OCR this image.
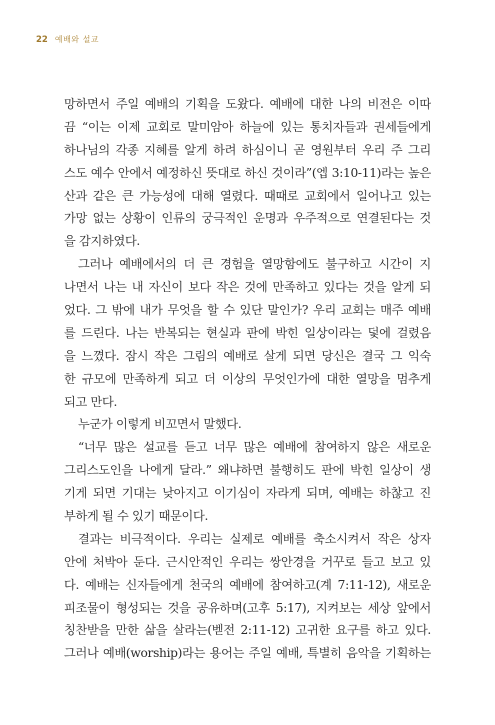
22 예배와 설교
망하면서 주일 예배의 기획을 도왔다. 예배에 대한 나의 비전은 이따
끔 “이는 이제 교회로 말미암아 하늘에 있는 통치자들과 권세들에게
하나님의 각종 지혜를 알게 하려 하심이니 곧 영원부터 우리 주 그리
스도 예수 안에서 예정하신 뜻대로 하신 것이라”(엡 3:10-11)라는 높은
산과 같은 큰 가능성에 대해 열렸다. 때때로 교회에서 일어나고 있는
가망 없는 상황이 인류의 궁극적인 운명과 우주적으로 연결된다는 것
을 감지하였다.
그러나 예배에서의 더 큰 경험을 열망함에도 불구하고 시간이 지
나면서 나는 내 자신이 보다 작은 것에 만족하고 있다는 것을 알게 되
었다. 그 밖에 내가 무엇을 할 수 있단 말인가? 우리 교회는 매주 예배
를 드린다. 나는 반복되는 현실과 판에 박힌 일상이라는 덫에 걸렸음
을 느꼈다. 잠시 작은 그림의 예배로 살게 되면 당신은 결국 그 익숙
한 규모에 만족하게 되고 더 이상의 무엇인가에 대한 열망을 멈추게
되고 만다.
누군가 이렇게 비꼬면서 말했다.
“너무 많은 설교를 듣고 너무 많은 예배에 참여하지 않은 새로운
그리스도인을 나에게 달라.” 왜냐하면 불행히도 판에 박힌 일상이 생
기게 되면 기대는 낮아지고 이기심이 자라게 되며, 예배는 하찮고 진
부하게 될 수 있기 때문이다.
결과는 비극적이다. 우리는 실제로 예배를 축소시켜서 작은 상자
안에 처박아 둔다. 근시안적인 우리는 쌍안경을 거꾸로 들고 보고 있
다. 예배는 신자들에게 천국의 예배에 참여하고(계 7:11-12), 새로운
피조물이 형성되는 것을 공유하며(고후 5:17), 지켜보는 세상 앞에서
칭찬받을 만한 삶을 살라는(벧전 2:11-12) 고귀한 요구를 하고 있다.
그러나 예배(worship)라는 용어는 주일 예배, 특별히 음악을 기획하는
